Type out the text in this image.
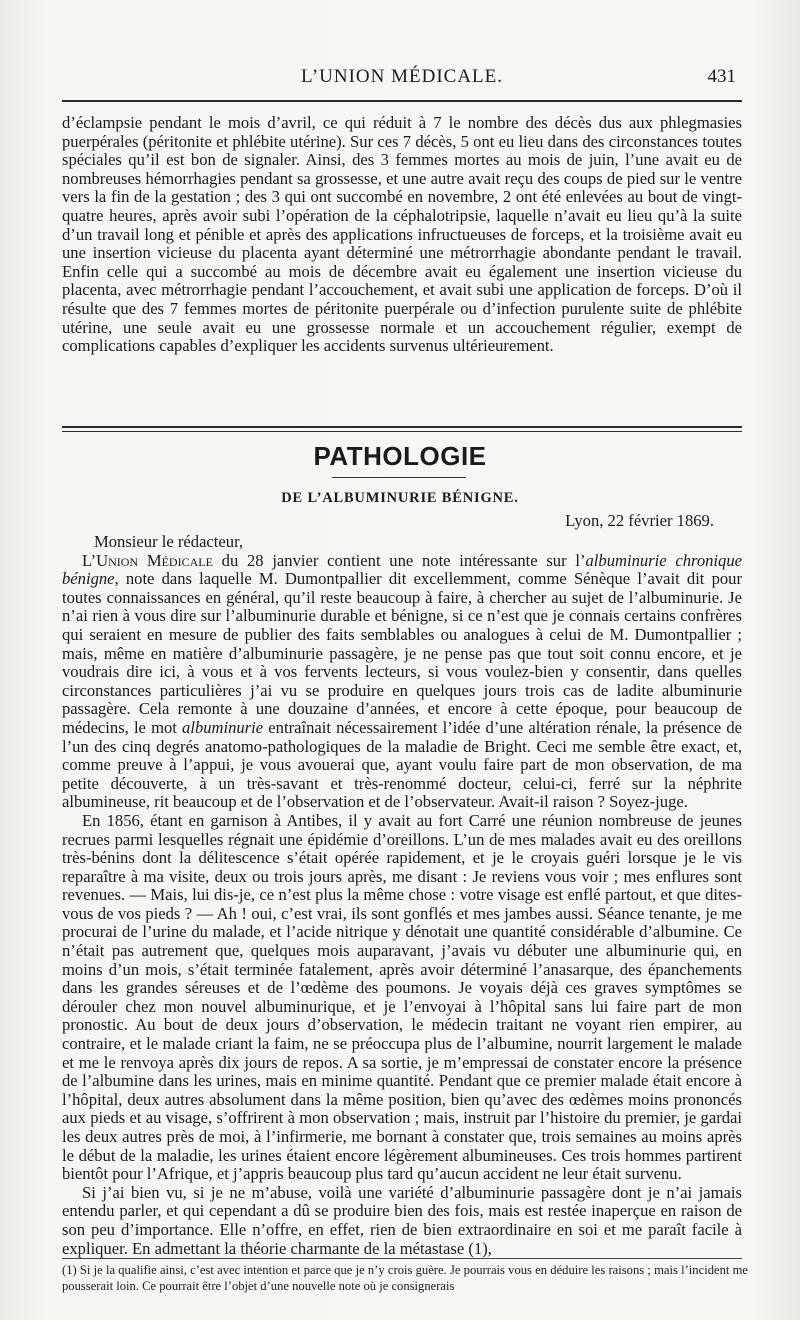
L’UNION MÉDICALE.	431

d’éclampsie pendant le mois d’avril, ce qui réduit à 7 le nombre des décès dus aux phlegmasies puerpérales (péritonite et phlébite utérine). Sur ces 7 décès, 5 ont eu lieu dans des circonstances toutes spéciales qu’il est bon de signaler. Ainsi, des 3 femmes mortes au mois de juin, l’une avait eu de nombreuses hémorrhagies pendant sa grossesse, et une autre avait reçu des coups de pied sur le ventre vers la fin de la gestation ; des 3 qui ont succombé en novembre, 2 ont été enlevées au bout de vingt-quatre heures, après avoir subi l’opération de la céphalotripsie, laquelle n’avait eu lieu qu’à la suite d’un travail long et pénible et après des applications infructueuses de forceps, et la troisième avait eu une insertion vicieuse du placenta ayant déterminé une métrorrhagie abondante pendant le travail. Enfin celle qui a succombé au mois de décembre avait eu également une insertion vicieuse du placenta, avec métrorrhagie pendant l’accouchement, et avait subi une application de forceps. D’où il résulte que des 7 femmes mortes de péritonite puerpérale ou d’infection purulente suite de phlébite utérine, une seule avait eu une grossesse normale et un accouchement régulier, exempt de complications capables d’expliquer les accidents survenus ultérieurement.

PATHOLOGIE
DE L’ALBUMINURIE BÉNIGNE.
Lyon, 22 février 1869.

Monsieur le rédacteur,

L’Union Médicale du 28 janvier contient une note intéressante sur l’albuminurie chronique bénigne, note dans laquelle M. Dumontpallier dit excellemment, comme Sénèque l’avait dit pour toutes connaissances en général, qu’il reste beaucoup à faire, à chercher au sujet de l’albuminurie. Je n’ai rien à vous dire sur l’albuminurie durable et bénigne, si ce n’est que je connais certains confrères qui seraient en mesure de publier des faits semblables ou analogues à celui de M. Dumontpallier ; mais, même en matière d’albuminurie passagère, je ne pense pas que tout soit connu encore, et je voudrais dire ici, à vous et à vos fervents lecteurs, si vous voulez-bien y consentir, dans quelles circonstances particulières j’ai vu se produire en quelques jours trois cas de ladite albuminurie passagère. Cela remonte à une douzaine d’années, et encore à cette époque, pour beaucoup de médecins, le mot albuminurie entraînait nécessairement l’idée d’une altération rénale, la présence de l’un des cinq degrés anatomo-pathologiques de la maladie de Bright. Ceci me semble être exact, et, comme preuve à l’appui, je vous avouerai que, ayant voulu faire part de mon observation, de ma petite découverte, à un très-savant et très-renommé docteur, celui-ci, ferré sur la néphrite albumineuse, rit beaucoup et de l’observation et de l’observateur. Avait-il raison ? Soyez-juge.

En 1856, étant en garnison à Antibes, il y avait au fort Carré une réunion nombreuse de jeunes recrues parmi lesquelles régnait une épidémie d’oreillons. L’un de mes malades avait eu des oreillons très-bénins dont la délitescence s’était opérée rapidement, et je le croyais guéri lorsque je le vis reparaître à ma visite, deux ou trois jours après, me disant : Je reviens vous voir ; mes enflures sont revenues. — Mais, lui dis-je, ce n’est plus la même chose : votre visage est enflé partout, et que dites-vous de vos pieds ? — Ah ! oui, c’est vrai, ils sont gonflés et mes jambes aussi. Séance tenante, je me procurai de l’urine du malade, et l’acide nitrique y dénotait une quantité considérable d’albumine. Ce n’était pas autrement que, quelques mois auparavant, j’avais vu débuter une albuminurie qui, en moins d’un mois, s’était terminée fatalement, après avoir déterminé l’anasarque, des épanchements dans les grandes séreuses et de l’œdème des poumons. Je voyais déjà ces graves symptômes se dérouler chez mon nouvel albuminurique, et je l’envoyai à l’hôpital sans lui faire part de mon pronostic. Au bout de deux jours d’observation, le médecin traitant ne voyant rien empirer, au contraire, et le malade criant la faim, ne se préoccupa plus de l’albumine, nourrit largement le malade et me le renvoya après dix jours de repos. A sa sortie, je m’empressai de constater encore la présence de l’albumine dans les urines, mais en minime quantité. Pendant que ce premier malade était encore à l’hôpital, deux autres absolument dans la même position, bien qu’avec des œdèmes moins prononcés aux pieds et au visage, s’offrirent à mon observation ; mais, instruit par l’histoire du premier, je gardai les deux autres près de moi, à l’infirmerie, me bornant à constater que, trois semaines au moins après le début de la maladie, les urines étaient encore légèrement albumineuses. Ces trois hommes partirent bientôt pour l’Afrique, et j’appris beaucoup plus tard qu’aucun accident ne leur était survenu.

Si j’ai bien vu, si je ne m’abuse, voilà une variété d’albuminurie passagère dont je n’ai jamais entendu parler, et qui cependant a dû se produire bien des fois, mais est restée inaperçue en raison de son peu d’importance. Elle n’offre, en effet, rien de bien extraordinaire en soi et me paraît facile à expliquer. En admettant la théorie charmante de la métastase (1),

(1) Si je la qualifie ainsi, c’est avec intention et parce que je n’y crois guère. Je pourrais vous en déduire les raisons ; mais l’incident me pousserait loin. Ce pourrait être l’objet d’une nouvelle note où je consignerais
